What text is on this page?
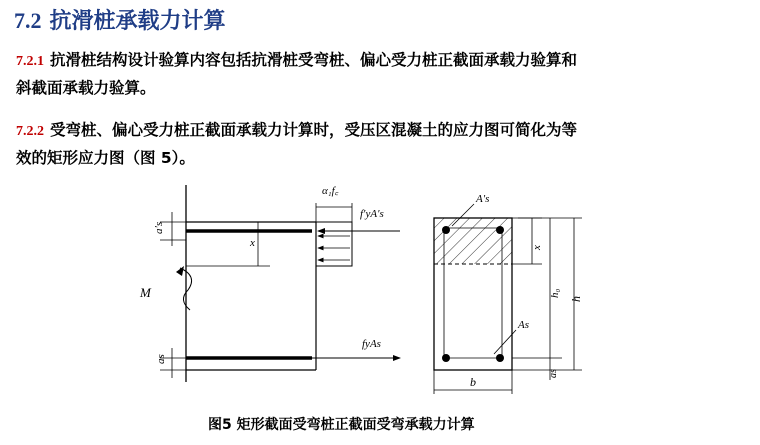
7.2 抗滑桩承载力计算
7.2.1 抗滑桩结构设计验算内容包括抗滑桩受弯桩、偏心受力桩正截面承载力验算和
斜截面承载力验算。
7.2.2 受弯桩、偏心受力桩正截面承载力计算时，受压区混凝土的应力图可简化为等
效的矩形应力图（图 5）。
x
a′s
as
M
α₁f꜀
f′yA′s
fyAs
A′s
As
x
h₀
h
as
b
图5 矩形截面受弯桩正截面受弯承载力计算
